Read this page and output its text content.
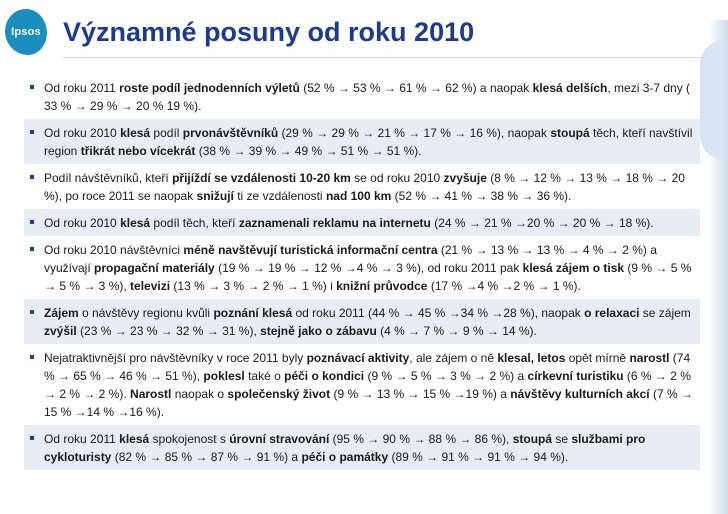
Ipsos Významné posuny od roku 2010
Od roku 2011 roste podíl jednodenních výletů (52 % → 53 % → 61 % → 62 %) a naopak klesá delších, mezi 3-7 dny ( 33 % → 29 % → 20 % 19 %).
Od roku 2010 klesá podíl prvonávštěvníků (29 % → 29 % → 21 % → 17 % → 16 %), naopak stoupá těch, kteří navštívil region třikrát nebo vícekrát (38 % → 39 % → 49 % → 51 % → 51 %).
Podíl návštěvníků, kteří přijíždí se vzdálenosti 10-20 km se od roku 2010 zvyšuje (8 % → 12 % → 13 % → 18 % → 20 %), po roce 2011 se naopak snižují ti ze vzdálenosti nad 100 km (52 % → 41 % → 38 % → 36 %).
Od roku 2010 klesá podíl těch, kteří zaznamenali reklamu na internetu (24 % → 21 % →20 % → 20 % → 18 %).
Od roku 2010 návštěvníci méně navštěvují turistická informační centra (21 % → 13 % → 13 % → 4 % → 2 %) a využívají propagační materiály (19 % → 19 % → 12 % →4 % → 3 %), od roku 2011 pak klesá zájem o tisk (9 % → 5 % → 5 % → 3 %), televizi (13 % → 3 % → 2 % → 1 %) i knižní průvodce (17 % →4 % →2 % → 1 %).
Zájem o návštěvy regionu kvůli poznání klesá od roku 2011 (44 % → 45 % →34 % →28 %), naopak o relaxaci se zájem zvýšil (23 % → 23 % → 32 % → 31 %), stejně jako o zábavu (4 % → 7 % → 9 % → 14 %).
Nejatraktivnější pro návštěvníky v roce 2011 byly poznávací aktivity, ale zájem o ně klesal, letos opět mírně narostl (74 % → 65 % → 46 % → 51 %), poklesl také o péči o kondici (9 % → 5 % → 3 % → 2 %) a církevní turistiku (6 % → 2 % → 2 % → 2 %). Narostl naopak o společenský život (9 % → 13 % → 15 % →19 %) a návštěvy kulturních akcí (7 % → 15 % →14 % →16 %).
Od roku 2011 klesá spokojenost s úrovní stravování (95 % → 90 % → 88 % → 86 %), stoupá se službami pro cykloturisty (82 % → 85 % → 87 % → 91 %) a péči o památky (89 % → 91 % → 91 % → 94 %).
